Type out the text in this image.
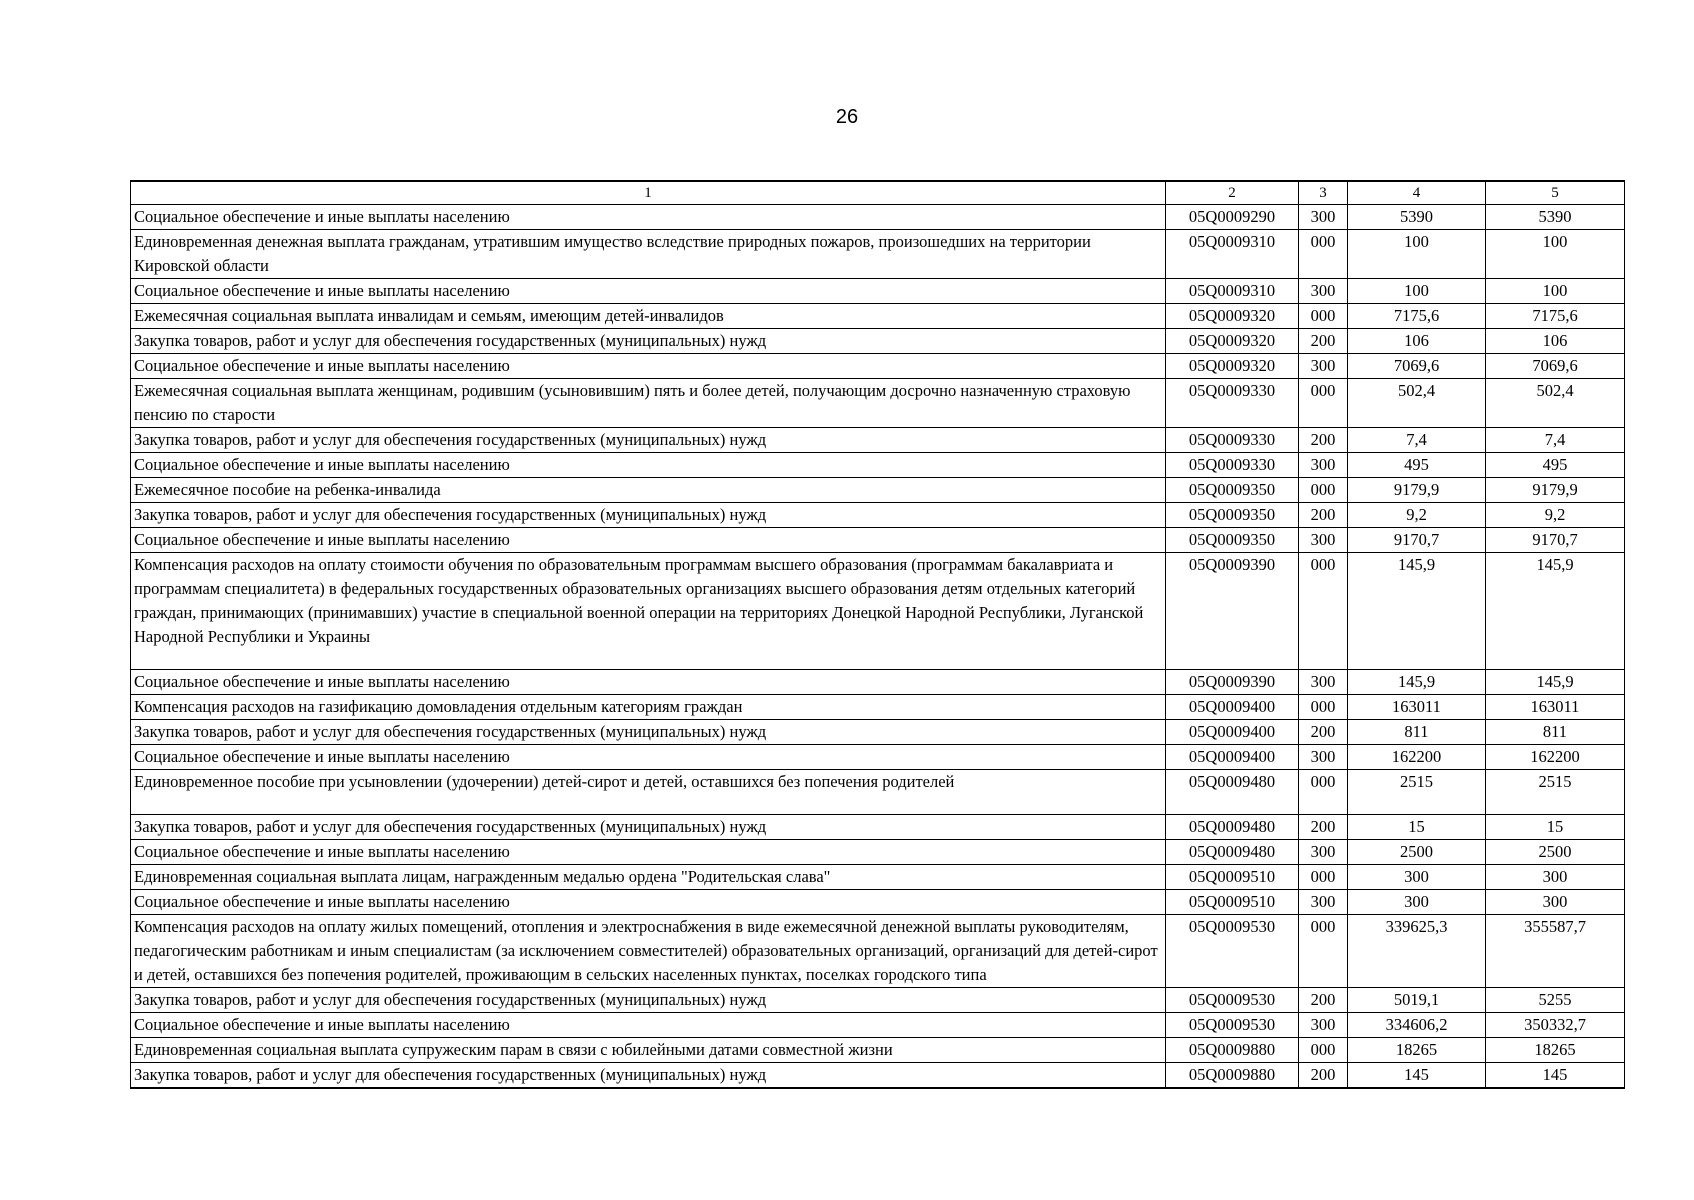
26
1	2	3	4	5
Социальное обеспечение и иные выплаты населению	05Q0009290	300	5390	5390
Единовременная денежная выплата гражданам, утратившим имущество вследствие природных пожаров, произошедших на территории Кировской области	05Q0009310	000	100	100
Социальное обеспечение и иные выплаты населению	05Q0009310	300	100	100
Ежемесячная социальная выплата инвалидам и семьям, имеющим детей-инвалидов	05Q0009320	000	7175,6	7175,6
Закупка товаров, работ и услуг для обеспечения государственных (муниципальных) нужд	05Q0009320	200	106	106
Социальное обеспечение и иные выплаты населению	05Q0009320	300	7069,6	7069,6
Ежемесячная социальная выплата женщинам, родившим (усыновившим) пять и более детей, получающим досрочно назначенную страховую пенсию по старости	05Q0009330	000	502,4	502,4
Закупка товаров, работ и услуг для обеспечения государственных (муниципальных) нужд	05Q0009330	200	7,4	7,4
Социальное обеспечение и иные выплаты населению	05Q0009330	300	495	495
Ежемесячное пособие на ребенка-инвалида	05Q0009350	000	9179,9	9179,9
Закупка товаров, работ и услуг для обеспечения государственных (муниципальных) нужд	05Q0009350	200	9,2	9,2
Социальное обеспечение и иные выплаты населению	05Q0009350	300	9170,7	9170,7
Компенсация расходов на оплату стоимости обучения по образовательным программам высшего образования (программам бакалавриата и программам специалитета) в федеральных государственных образовательных организациях высшего образования детям отдельных категорий граждан, принимающих (принимавших) участие в специальной военной операции на территориях Донецкой Народной Республики, Луганской Народной Республики и Украины	05Q0009390	000	145,9	145,9
Социальное обеспечение и иные выплаты населению	05Q0009390	300	145,9	145,9
Компенсация расходов на газификацию домовладения отдельным категориям граждан	05Q0009400	000	163011	163011
Закупка товаров, работ и услуг для обеспечения государственных (муниципальных) нужд	05Q0009400	200	811	811
Социальное обеспечение и иные выплаты населению	05Q0009400	300	162200	162200
Единовременное пособие при усыновлении (удочерении) детей-сирот и детей, оставшихся без попечения родителей	05Q0009480	000	2515	2515
Закупка товаров, работ и услуг для обеспечения государственных (муниципальных) нужд	05Q0009480	200	15	15
Социальное обеспечение и иные выплаты населению	05Q0009480	300	2500	2500
Единовременная социальная выплата лицам, награжденным медалью ордена "Родительская слава"	05Q0009510	000	300	300
Социальное обеспечение и иные выплаты населению	05Q0009510	300	300	300
Компенсация расходов на оплату жилых помещений, отопления и электроснабжения в виде ежемесячной денежной выплаты руководителям, педагогическим работникам и иным специалистам (за исключением совместителей) образовательных организаций, организаций для детей-сирот и детей, оставшихся без попечения родителей, проживающим в сельских населенных пунктах, поселках городского типа	05Q0009530	000	339625,3	355587,7
Закупка товаров, работ и услуг для обеспечения государственных (муниципальных) нужд	05Q0009530	200	5019,1	5255
Социальное обеспечение и иные выплаты населению	05Q0009530	300	334606,2	350332,7
Единовременная социальная выплата супружеским парам в связи с юбилейными датами совместной жизни	05Q0009880	000	18265	18265
Закупка товаров, работ и услуг для обеспечения государственных (муниципальных) нужд	05Q0009880	200	145	145
